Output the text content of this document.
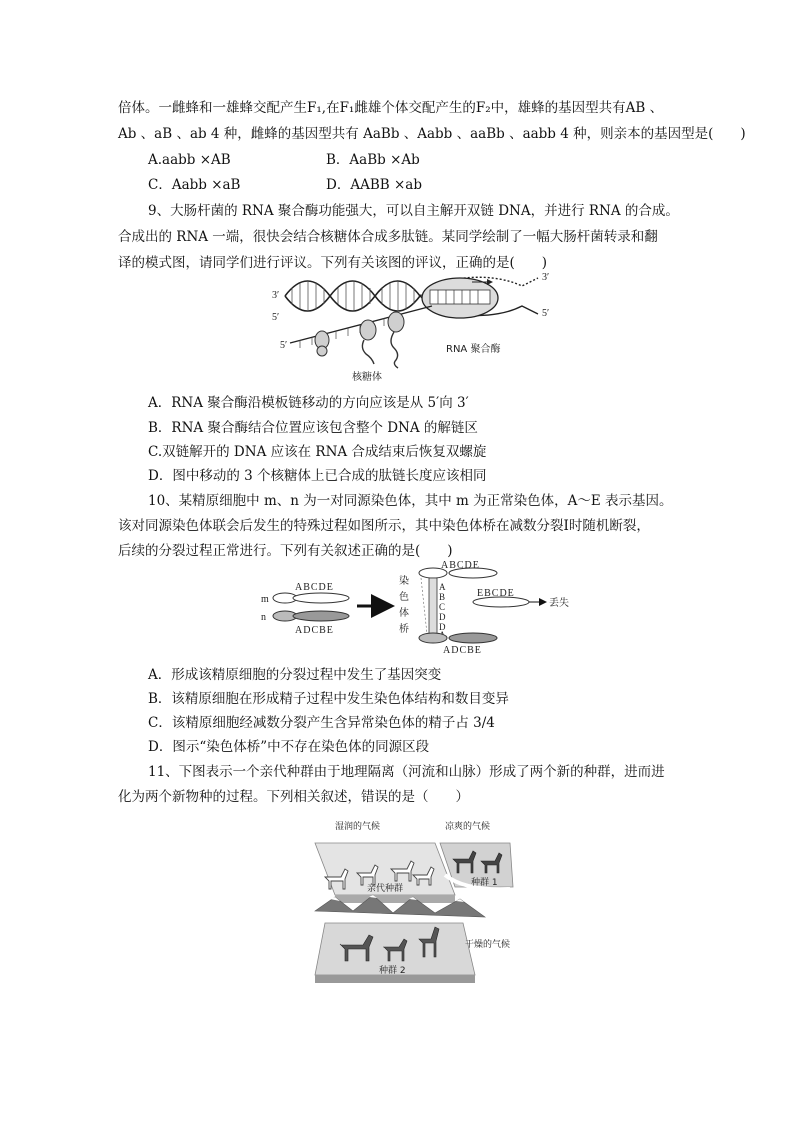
倍体。一雌蜂和一雄蜂交配产生F₁,在F₁雌雄个体交配产生的F₂中，雄蜂的基因型共有AB 、
Ab 、aB 、ab 4 种，雌蜂的基因型共有 AaBb 、Aabb 、aaBb 、aabb 4 种，则亲本的基因型是(　　)
A.aabb ×AB	B．AaBb ×Ab
C．Aabb ×aB	D．AABB ×ab
9、大肠杆菌的 RNA 聚合酶功能强大，可以自主解开双链 DNA，并进行 RNA 的合成。
合成出的 RNA 一端，很快会结合核糖体合成多肽链。某同学绘制了一幅大肠杆菌转录和翻
译的模式图，请同学们进行评议。下列有关该图的评议，正确的是(　　)
3′
5′
3′
5′
5′	RNA 聚合酶
核糖体
A．RNA 聚合酶沿模板链移动的方向应该是从 5′向 3′
B．RNA 聚合酶结合位置应该包含整个 DNA 的解链区
C.双链解开的 DNA 应该在 RNA 合成结束后恢复双螺旋
D．图中移动的 3 个核糖体上已合成的肽链长度应该相同
10、某精原细胞中 m、n 为一对同源染色体，其中 m 为正常染色体，A～E 表示基因。
该对同源染色体联会后发生的特殊过程如图所示，其中染色体桥在减数分裂Ⅰ时随机断裂，
后续的分裂过程正常进行。下列有关叙述正确的是(　　)
m
ABCDE
n
ADCBE
染
色
体
桥
ABCDE
A
B
C
D
D
EBCDE
丢失
ADCBE
A．形成该精原细胞的分裂过程中发生了基因突变
B．该精原细胞在形成精子过程中发生染色体结构和数目变异
C．该精原细胞经减数分裂产生含异常染色体的精子占 3/4
D．图示“染色体桥”中不存在染色体的同源区段
11、下图表示一个亲代种群由于地理隔离（河流和山脉）形成了两个新的种群，进而进
化为两个新物种的过程。下列相关叙述，错误的是（　　）
湿润的气候	凉爽的气候
亲代种群
种群 1
干燥的气候
种群 2
